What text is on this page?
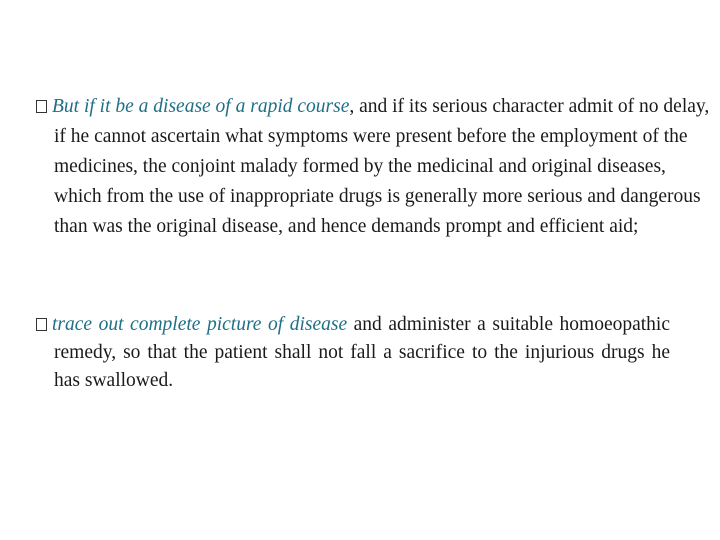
But if it be a disease of a rapid course, and if its serious character admit of no delay, if he cannot ascertain what symptoms were present before the employment of the medicines, the conjoint malady formed by the medicinal and original diseases, which from the use of inappropriate drugs is generally more serious and dangerous than was the original disease, and hence demands prompt and efficient aid;

trace out complete picture of disease and administer a suitable homoeopathic remedy, so that the patient shall not fall a sacrifice to the injurious drugs he has swallowed.
